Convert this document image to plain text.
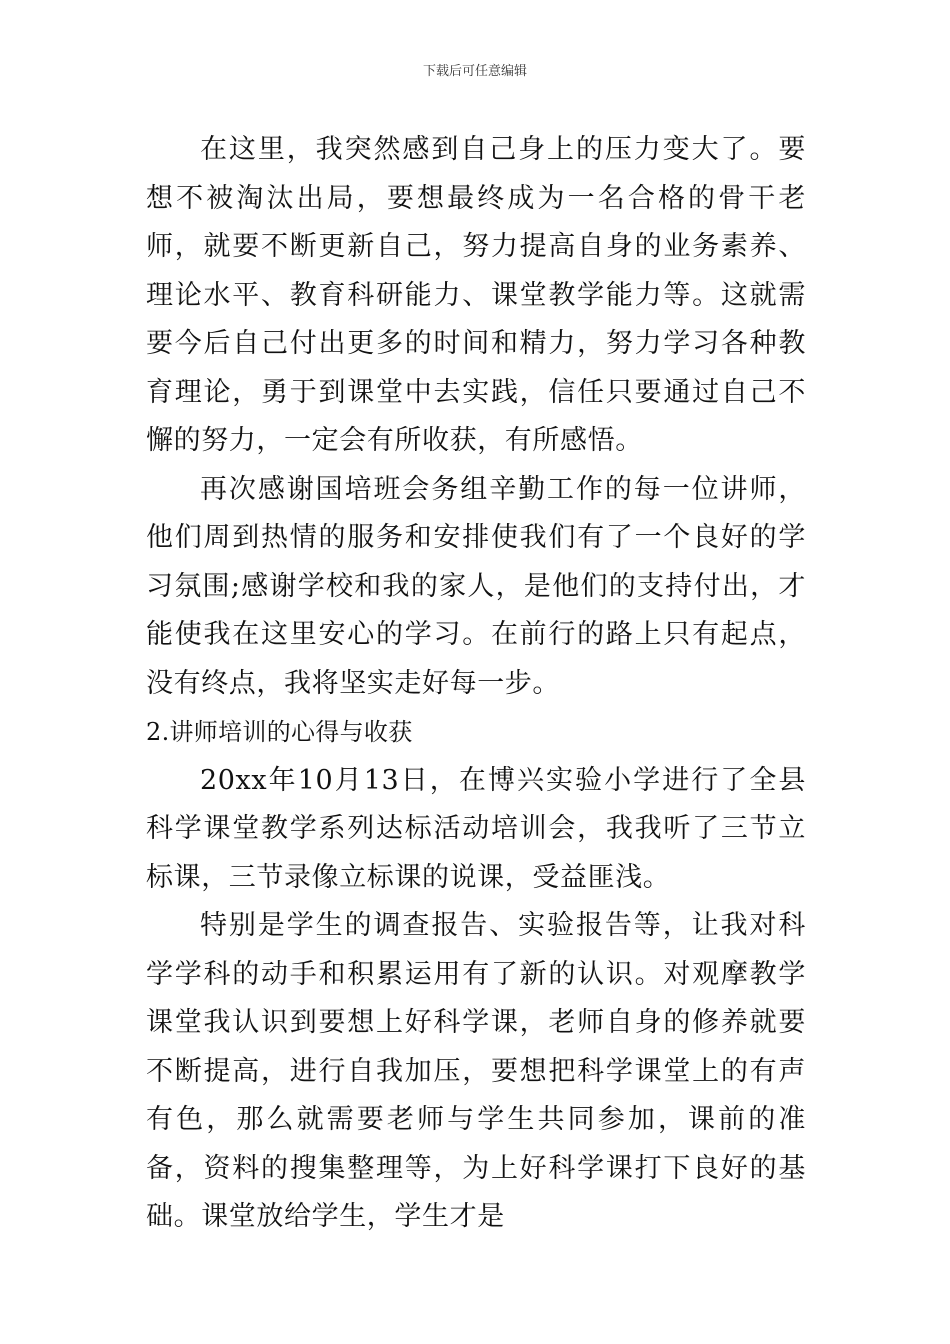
下载后可任意编辑

在这里，我突然感到自己身上的压力变大了。要想不被淘汰出局，要想最终成为一名合格的骨干老师，就要不断更新自己，努力提高自身的业务素养、理论水平、教育科研能力、课堂教学能力等。这就需要今后自己付出更多的时间和精力，努力学习各种教育理论，勇于到课堂中去实践，信任只要通过自己不懈的努力，一定会有所收获，有所感悟。

再次感谢国培班会务组辛勤工作的每一位讲师，他们周到热情的服务和安排使我们有了一个良好的学习氛围;感谢学校和我的家人，是他们的支持付出，才能使我在这里安心的学习。在前行的路上只有起点，没有终点，我将坚实走好每一步。

2.讲师培训的心得与收获

20xx年10月13日，在博兴实验小学进行了全县科学课堂教学系列达标活动培训会，我我听了三节立标课，三节录像立标课的说课，受益匪浅。

特别是学生的调查报告、实验报告等，让我对科学学科的动手和积累运用有了新的认识。对观摩教学课堂我认识到要想上好科学课，老师自身的修养就要不断提高，进行自我加压，要想把科学课堂上的有声有色，那么就需要老师与学生共同参加，课前的准备，资料的搜集整理等，为上好科学课打下良好的基础。课堂放给学生，学生才是
